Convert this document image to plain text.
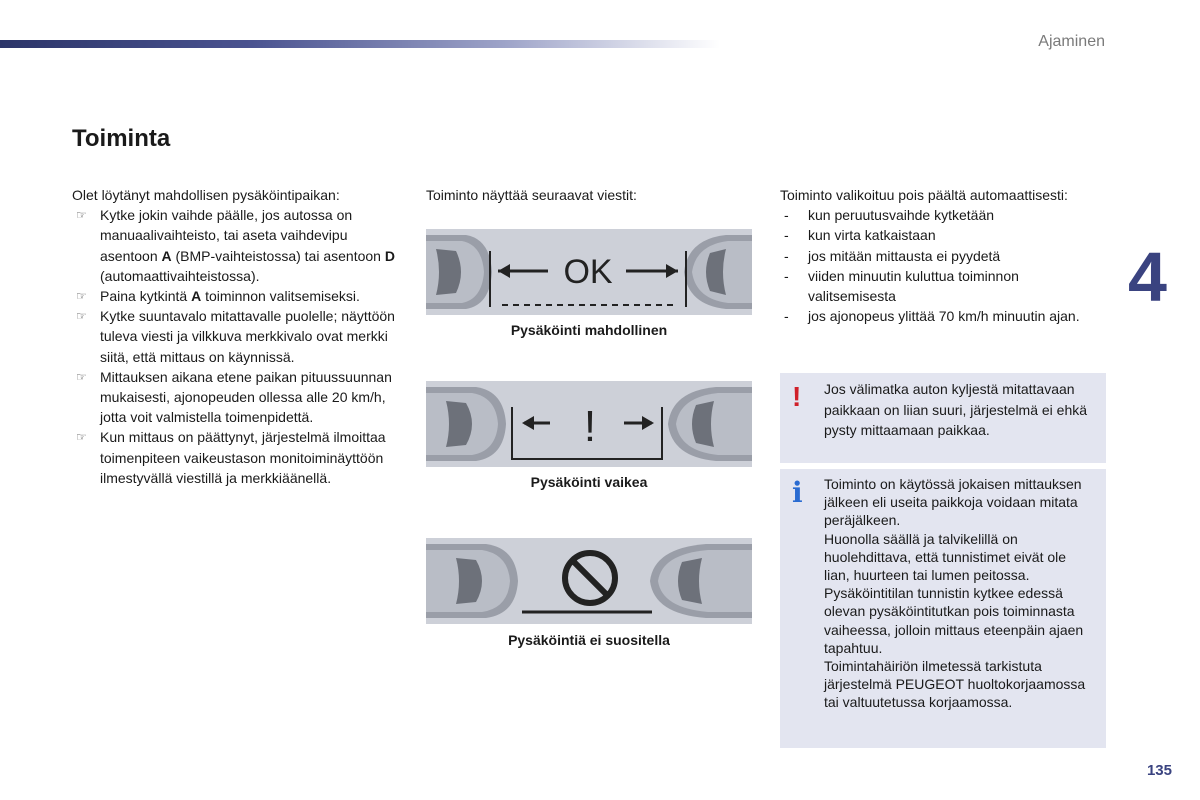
Ajaminen
Toiminta
4
Olet löytänyt mahdollisen pysäköintipaikan:
☞ Kytke jokin vaihde päälle, jos autossa on manuaalivaihteisto, tai aseta vaihdevipu asentoon A (BMP-vaihteistossa) tai asentoon D (automaattivaihteistossa).
☞ Paina kytkintä A toiminnon valitsemiseksi.
☞ Kytke suuntavalo mitattavalle puolelle; näyttöön tuleva viesti ja vilkkuva merkkivalo ovat merkki siitä, että mittaus on käynnissä.
☞ Mittauksen aikana etene paikan pituussuunnan mukaisesti, ajonopeuden ollessa alle 20 km/h, jotta voit valmistella toimenpidettä.
☞ Kun mittaus on päättynyt, järjestelmä ilmoittaa toimenpiteen vaikeustason monitoiminäyttöön ilmestyvällä viestillä ja merkkiäänellä.
Toiminto näyttää seuraavat viestit:
OK
Pysäköinti mahdollinen
!
Pysäköinti vaikea
Pysäköintiä ei suositella
Toiminto valikoituu pois päältä automaattisesti:
- kun peruutusvaihde kytketään
- kun virta katkaistaan
- jos mitään mittausta ei pyydetä
- viiden minuutin kuluttua toiminnon valitsemisesta
- jos ajonopeus ylittää 70 km/h minuutin ajan.
! Jos välimatka auton kyljestä mitattavaan paikkaan on liian suuri, järjestelmä ei ehkä pysty mittaamaan paikkaa.
i Toiminto on käytössä jokaisen mittauksen jälkeen eli useita paikkoja voidaan mitata peräjälkeen.
Huonolla säällä ja talvikelillä on huolehdittava, että tunnistimet eivät ole lian, huurteen tai lumen peitossa.
Pysäköintitilan tunnistin kytkee edessä olevan pysäköintitutkan pois toiminnasta vaiheessa, jolloin mittaus eteenpäin ajaen tapahtuu.
Toimintahäiriön ilmetessä tarkistuta järjestelmä PEUGEOT huoltokorjaamossa tai valtuutetussa korjaamossa.
135
